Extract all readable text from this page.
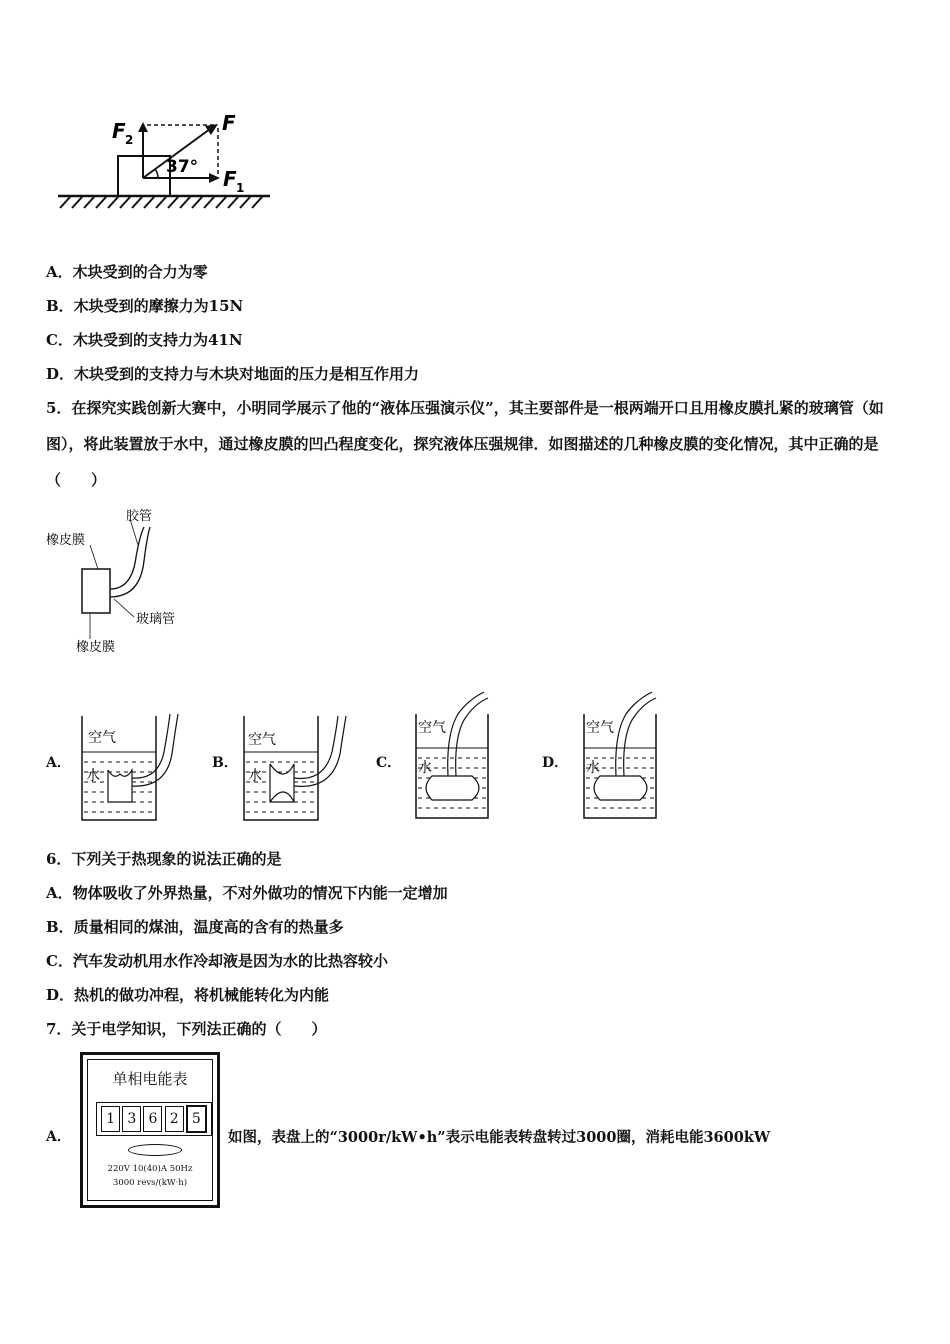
F
F 1
F 2
37°
A．木块受到的合力为零
B．木块受到的摩擦力为15N
C．木块受到的支持力为41N
D．木块受到的支持力与木块对地面的压力是相互作用力
5．在探究实践创新大赛中，小明同学展示了他的“液体压强演示仪”，其主要部件是一根两端开口且用橡皮膜扎紧的玻璃管（如图），将此装置放于水中，通过橡皮膜的凹凸程度变化，探究液体压强规律．如图描述的几种橡皮膜的变化情况，其中正确的是（　　）
胶管
橡皮膜
玻璃管
橡皮膜
A．	B．	C．	D．
空气
水
空气
水
空气
水
空气
水
6．下列关于热现象的说法正确的是
A．物体吸收了外界热量，不对外做功的情况下内能一定增加
B．质量相同的煤油，温度高的含有的热量多
C．汽车发动机用水作冷却液是因为水的比热容较小
D．热机的做功冲程，将机械能转化为内能
7．关于电学知识，下列法正确的（　　）
A．
单相电能表
1 3 6 2 5
220V 10(40)A 50Hz
3000 revs/(kW·h)
如图，表盘上的“3000r/kW•h”表示电能表转盘转过3000圈，消耗电能3600kW
